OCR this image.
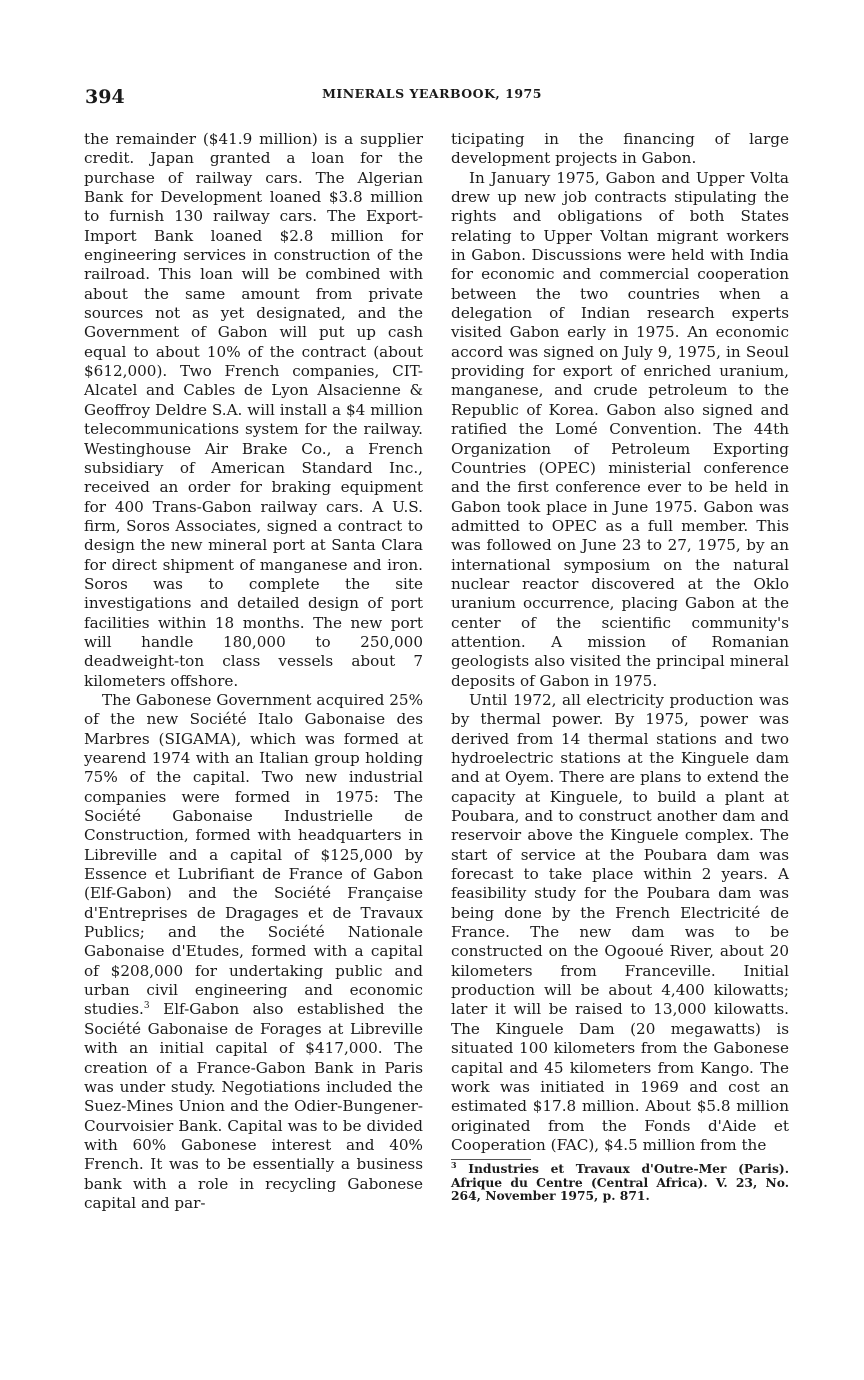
394	MINERALS YEARBOOK, 1975

the remainder ($41.9 million) is a supplier credit. Japan granted a loan for the purchase of railway cars. The Algerian Bank for Development loaned $3.8 million to furnish 130 railway cars. The Export-Import Bank loaned $2.8 million for engineering services in construction of the railroad. This loan will be combined with about the same amount from private sources not as yet designated, and the Government of Gabon will put up cash equal to about 10% of the contract (about $612,000). Two French companies, CIT-Alcatel and Cables de Lyon Alsacienne & Geoffroy Deldre S.A. will install a $4 million telecommunications system for the railway. Westinghouse Air Brake Co., a French subsidiary of American Standard Inc., received an order for braking equipment for 400 Trans-Gabon railway cars. A U.S. firm, Soros Associates, signed a contract to design the new mineral port at Santa Clara for direct shipment of manganese and iron. Soros was to complete the site investigations and detailed design of port facilities within 18 months. The new port will handle 180,000 to 250,000 deadweight-ton class vessels about 7 kilometers offshore.

The Gabonese Government acquired 25% of the new Société Italo Gabonaise des Marbres (SIGAMA), which was formed at yearend 1974 with an Italian group holding 75% of the capital. Two new industrial companies were formed in 1975: The Société Gabonaise Industrielle de Construction, formed with headquarters in Libreville and a capital of $125,000 by Essence et Lubrifiant de France of Gabon (Elf-Gabon) and the Société Française d'Entreprises de Dragages et de Travaux Publics; and the Société Nationale Gabonaise d'Etudes, formed with a capital of $208,000 for undertaking public and urban civil engineering and economic studies.$^3$ Elf-Gabon also established the Société Gabonaise de Forages at Libreville with an initial capital of $417,000. The creation of a France-Gabon Bank in Paris was under study. Negotiations included the Suez-Mines Union and the Odier-Bungener-Courvoisier Bank. Capital was to be divided with 60% Gabonese interest and 40% French. It was to be essentially a business bank with a role in recycling Gabonese capital and par-

ticipating in the financing of large development projects in Gabon.

In January 1975, Gabon and Upper Volta drew up new job contracts stipulating the rights and obligations of both States relating to Upper Voltan migrant workers in Gabon. Discussions were held with India for economic and commercial cooperation between the two countries when a delegation of Indian research experts visited Gabon early in 1975. An economic accord was signed on July 9, 1975, in Seoul providing for export of enriched uranium, manganese, and crude petroleum to the Republic of Korea. Gabon also signed and ratified the Lomé Convention. The 44th Organization of Petroleum Exporting Countries (OPEC) ministerial conference and the first conference ever to be held in Gabon took place in June 1975. Gabon was admitted to OPEC as a full member. This was followed on June 23 to 27, 1975, by an international symposium on the natural nuclear reactor discovered at the Oklo uranium occurrence, placing Gabon at the center of the scientific community's attention. A mission of Romanian geologists also visited the principal mineral deposits of Gabon in 1975.

Until 1972, all electricity production was by thermal power. By 1975, power was derived from 14 thermal stations and two hydroelectric stations at the Kinguele dam and at Oyem. There are plans to extend the capacity at Kinguele, to build a plant at Poubara, and to construct another dam and reservoir above the Kinguele complex. The start of service at the Poubara dam was forecast to take place within 2 years. A feasibility study for the Poubara dam was being done by the French Electricité de France. The new dam was to be constructed on the Ogooué River, about 20 kilometers from Franceville. Initial production will be about 4,400 kilowatts; later it will be raised to 13,000 kilowatts. The Kinguele Dam (20 megawatts) is situated 100 kilometers from the Gabonese capital and 45 kilometers from Kango. The work was initiated in 1969 and cost an estimated $17.8 million. About $5.8 million originated from the Fonds d'Aide et Cooperation (FAC), $4.5 million from the

$^3$ Industries et Travaux d'Outre-Mer (Paris). Afrique du Centre (Central Africa). V. 23, No. 264, November 1975, p. 871.
